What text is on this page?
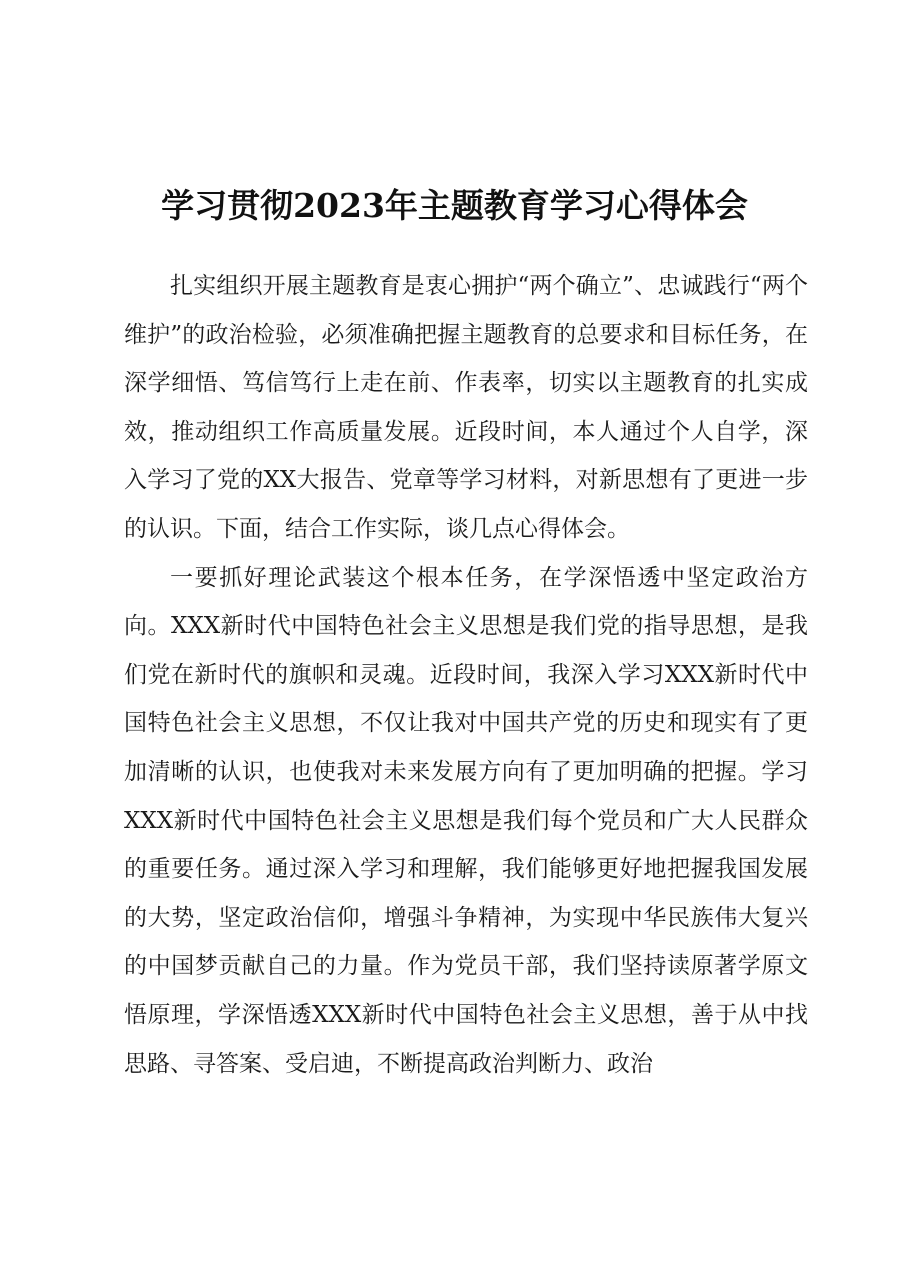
学习贯彻2023年主题教育学习心得体会

扎实组织开展主题教育是衷心拥护“两个确立”、忠诚践行“两个维护”的政治检验，必须准确把握主题教育的总要求和目标任务，在深学细悟、笃信笃行上走在前、作表率，切实以主题教育的扎实成效，推动组织工作高质量发展。近段时间，本人通过个人自学，深入学习了党的XX大报告、党章等学习材料，对新思想有了更进一步的认识。下面，结合工作实际，谈几点心得体会。

一要抓好理论武装这个根本任务，在学深悟透中坚定政治方向。XXX新时代中国特色社会主义思想是我们党的指导思想，是我们党在新时代的旗帜和灵魂。近段时间，我深入学习XXX新时代中国特色社会主义思想，不仅让我对中国共产党的历史和现实有了更加清晰的认识，也使我对未来发展方向有了更加明确的把握。学习XXX新时代中国特色社会主义思想是我们每个党员和广大人民群众的重要任务。通过深入学习和理解，我们能够更好地把握我国发展的大势，坚定政治信仰，增强斗争精神，为实现中华民族伟大复兴的中国梦贡献自己的力量。作为党员干部，我们坚持读原著学原文悟原理，学深悟透XXX新时代中国特色社会主义思想，善于从中找思路、寻答案、受启迪，不断提高政治判断力、政治
